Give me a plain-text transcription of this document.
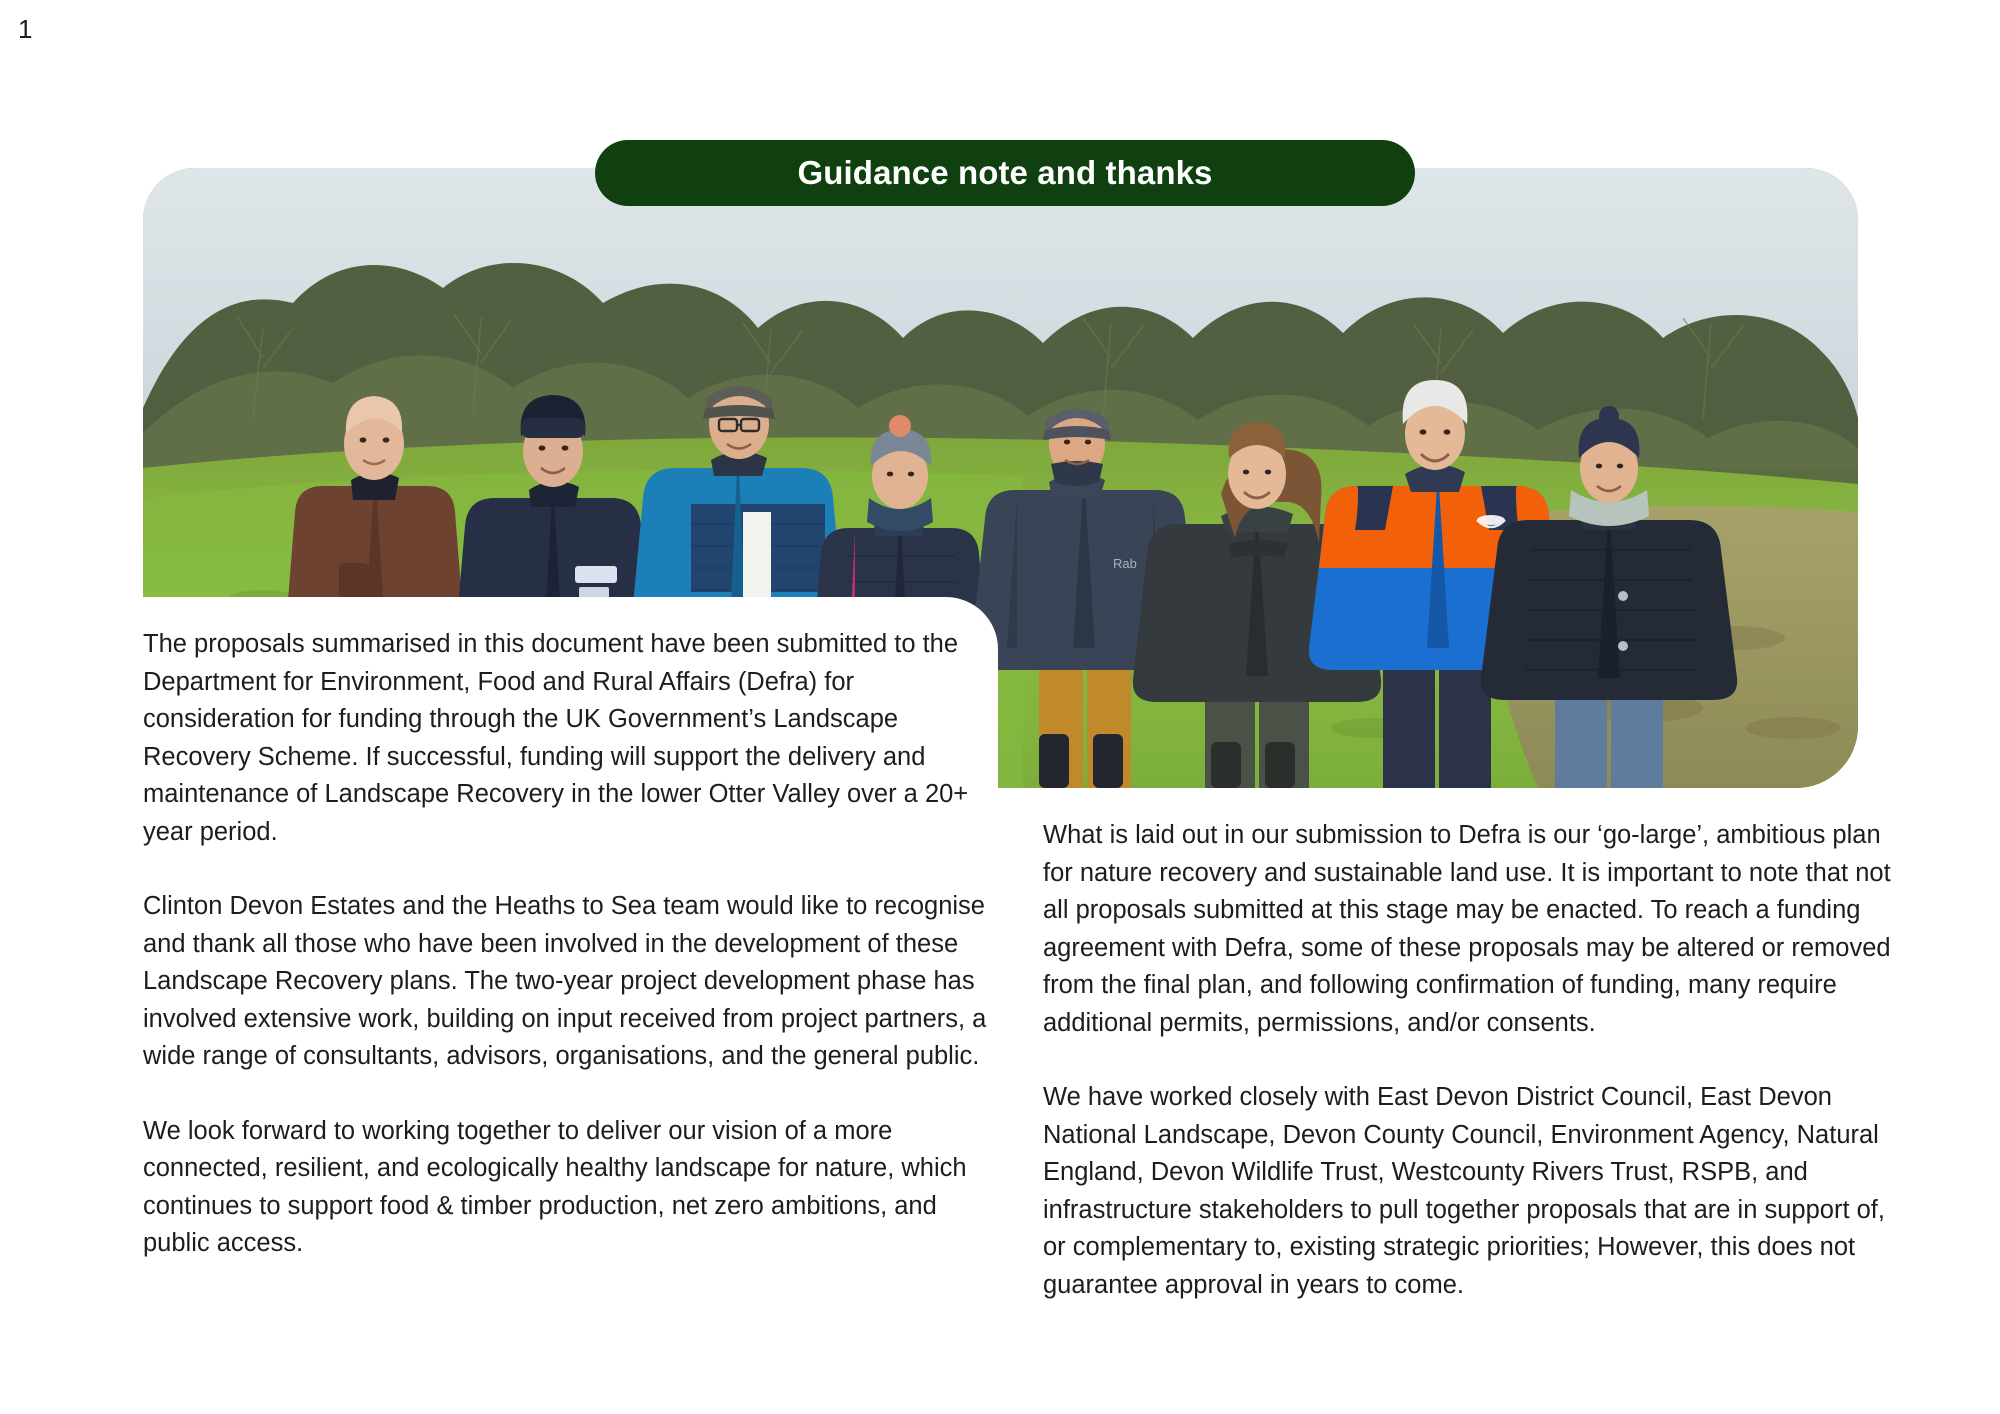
1
Rab
Guidance note and thanks

The proposals summarised in this document have been submitted to the Department for Environment, Food and Rural Affairs (Defra) for consideration for funding through the UK Government’s Landscape Recovery Scheme. If successful, funding will support the delivery and maintenance of Landscape Recovery in the lower Otter Valley over a 20+ year period.

Clinton Devon Estates and the Heaths to Sea team would like to recognise and thank all those who have been involved in the development of these Landscape Recovery plans. The two-year project development phase has involved extensive work, building on input received from project partners, a wide range of consultants, advisors, organisations, and the general public.

We look forward to working together to deliver our vision of a more connected, resilient, and ecologically healthy landscape for nature, which continues to support food & timber production, net zero ambitions, and public access.

What is laid out in our submission to Defra is our ‘go-large’, ambitious plan for nature recovery and sustainable land use. It is important to note that not all proposals submitted at this stage may be enacted. To reach a funding agreement with Defra, some of these proposals may be altered or removed from the final plan, and following confirmation of funding, many require additional permits, permissions, and/or consents.

We have worked closely with East Devon District Council, East Devon National Landscape, Devon County Council, Environment Agency, Natural England, Devon Wildlife Trust, Westcounty Rivers Trust, RSPB, and infrastructure stakeholders to pull together proposals that are in support of, or complementary to, existing strategic priorities; However, this does not guarantee approval in years to come.
